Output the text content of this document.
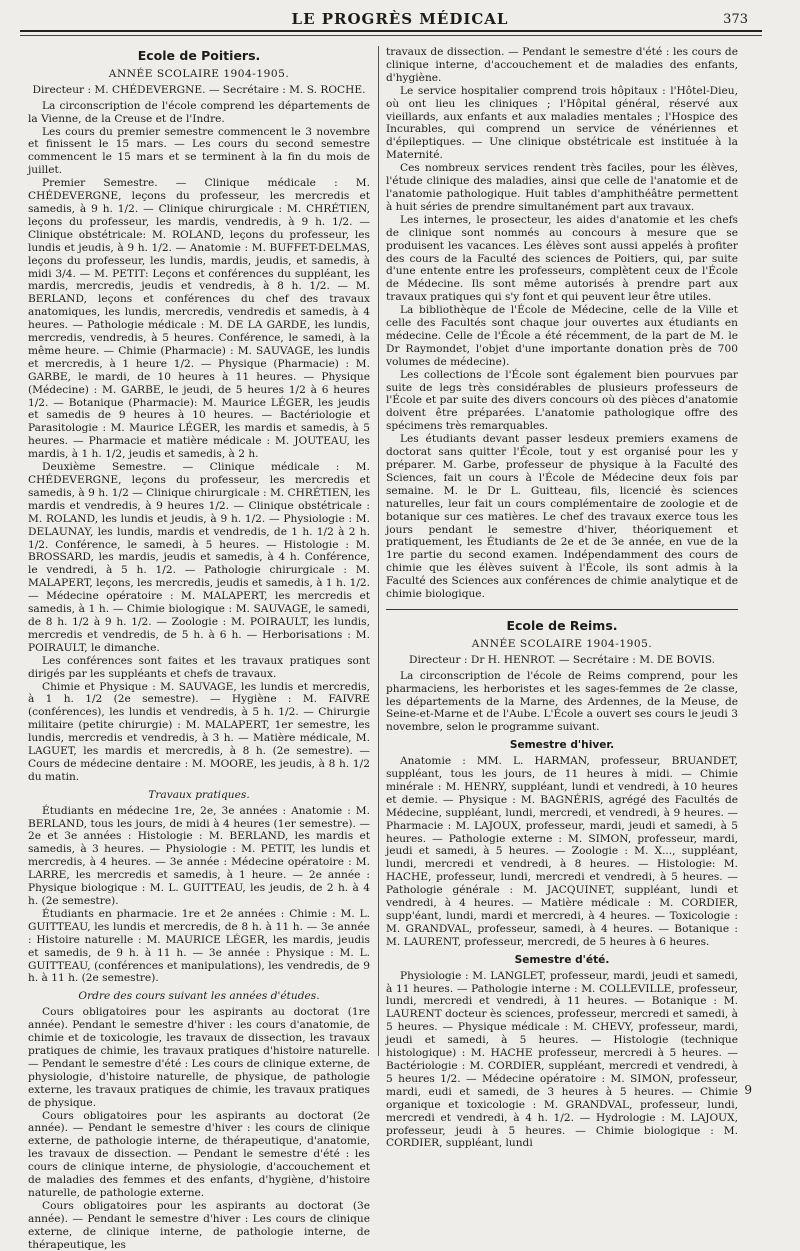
LE PROGRÈS MÉDICAL	373
Ecole de Poitiers.
ANNÉE SCOLAIRE 1904-1905.
Directeur : M. CHÉDEVERGNE. — Secrétaire : M. S. ROCHE.

La circonscription de l'école comprend les départements de la Vienne, de la Creuse et de l'Indre.

Les cours du premier semestre commencent le 3 novembre et finissent le 15 mars. — Les cours du second semestre commencent le 15 mars et se terminent à la fin du mois de juillet.

Premier Semestre. — Clinique médicale : M. CHÉDEVERGNE, leçons du professeur, les mercredis et samedis, à 9 h. 1/2. — Clinique chirurgicale : M. CHRÉTIEN, leçons du professeur, les mardis, vendredis, à 9 h. 1/2. — Clinique obstétricale: M. ROLAND, leçons du professeur, les lundis et jeudis, à 9 h. 1/2. — Anatomie : M. BUFFET-DELMAS, leçons du professeur, les lundis, mardis, jeudis, et samedis, à midi 3/4. — M. PETIT: Leçons et conférences du suppléant, les mardis, mercredis, jeudis et vendredis, à 8 h. 1/2. — M. BERLAND, leçons et conférences du chef des travaux anatomiques, les lundis, mercredis, vendredis et samedis, à 4 heures. — Pathologie médicale : M. DE LA GARDE, les lundis, mercredis, vendredis, à 5 heures. Conférence, le samedi, à la même heure. — Chimie (Pharmacie) : M. SAUVAGE, les lundis et mercredis, à 1 heure 1/2. — Physique (Pharmacie) : M. GARBE, le mardi, de 10 heures à 11 heures. — Physique (Médecine) : M. GARBE, le jeudi, de 5 heures 1/2 à 6 heures 1/2. — Botanique (Pharmacie): M. Maurice LÉGER, les jeudis et samedis de 9 heures à 10 heures. — Bactériologie et Parasitologie : M. Maurice LÉGER, les mardis et samedis, à 5 heures. — Pharmacie et matière médicale : M. JOUTEAU, les mardis, à 1 h. 1/2, jeudis et samedis, à 2 h.

Deuxième Semestre. — Clinique médicale : M. CHÉDEVERGNE, leçons du professeur, les mercredis et samedis, à 9 h. 1/2 — Clinique chirurgicale : M. CHRÉTIEN, les mardis et vendredis, à 9 heures 1/2. — Clinique obstétricale : M. ROLAND, les lundis et jeudis, à 9 h. 1/2. — Physiologie : M. DELAUNAY, les lundis, mardis et vendredis, de 1 h. 1/2 à 2 h. 1/2. Conférence, le samedi, à 5 heures. — Histologie : M. BROSSARD, les mardis, jeudis et samedis, à 4 h. Conférence, le vendredi, à 5 h. 1/2. — Pathologie chirurgicale : M. MALAPERT, leçons, les mercredis, jeudis et samedis, à 1 h. 1/2. — Médecine opératoire : M. MALAPERT, les mercredis et samedis, à 1 h. — Chimie biologique : M. SAUVAGE, le samedi, de 8 h. 1/2 à 9 h. 1/2. — Zoologie : M. POIRAULT, les lundis, mercredis et vendredis, de 5 h. à 6 h. — Herborisations : M. POIRAULT, le dimanche.

Les conférences sont faites et les travaux pratiques sont dirigés par les suppléants et chefs de travaux.

Chimie et Physique : M. SAUVAGE, les lundis et mercredis, à 1 h. 1/2 (2e semestre). — Hygiène : M. FAIVRE (conférences), les lundis et vendredis, à 5 h. 1/2. — Chirurgie militaire (petite chirurgie) : M. MALAPERT, 1er semestre, les lundis, mercredis et vendredis, à 3 h. — Matière médicale, M. LAGUET, les mardis et mercredis, à 8 h. (2e semestre). — Cours de médecine dentaire : M. MOORE, les jeudis, à 8 h. 1/2 du matin.

Travaux pratiques.

Étudiants en médecine 1re, 2e, 3e années : Anatomie : M. BERLAND, tous les jours, de midi à 4 heures (1er semestre). — 2e et 3e années : Histologie : M. BERLAND, les mardis et samedis, à 3 heures. — Physiologie : M. PETIT, les lundis et mercredis, à 4 heures. — 3e année : Médecine opératoire : M. LARRE, les mercredis et samedis, à 1 heure. — 2e année : Physique biologique : M. L. GUITTEAU, les jeudis, de 2 h. à 4 h. (2e semestre).

Étudiants en pharmacie. 1re et 2e années : Chimie : M. L. GUITTEAU, les lundis et mercredis, de 8 h. à 11 h. — 3e année : Histoire naturelle : M. MAURICE LÉGER, les mardis, jeudis et samedis, de 9 h. à 11 h. — 3e année : Physique : M. L. GUITTEAU, (conférences et manipulations), les vendredis, de 9 h. à 11 h. (2e semestre).

Ordre des cours suivant les années d'études.

Cours obligatoires pour les aspirants au doctorat (1re année). Pendant le semestre d'hiver : les cours d'anatomie, de chimie et de toxicologie, les travaux de dissection, les travaux pratiques de chimie, les travaux pratiques d'histoire naturelle. — Pendant le semestre d'été : Les cours de clinique externe, de physiologie, d'histoire naturelle, de physique, de pathologie externe, les travaux pratiques de chimie, les travaux pratiques de physique.

Cours obligatoires pour les aspirants au doctorat (2e année). — Pendant le semestre d'hiver : les cours de clinique externe, de pathologie interne, de thérapeutique, d'anatomie, les travaux de dissection. — Pendant le semestre d'été : les cours de clinique interne, de physiologie, d'accouchement et de maladies des femmes et des enfants, d'hygiène, d'histoire naturelle, de pathologie externe.

Cours obligatoires pour les aspirants au doctorat (3e année). — Pendant le semestre d'hiver : Les cours de clinique externe, de clinique interne, de pathologie interne, de thérapeutique, les

travaux de dissection. — Pendant le semestre d'été : les cours de clinique interne, d'accouchement et de maladies des enfants, d'hygiène.

Le service hospitalier comprend trois hôpitaux : l'Hôtel-Dieu, où ont lieu les cliniques ; l'Hôpital général, réservé aux vieillards, aux enfants et aux maladies mentales ; l'Hospice des Incurables, qui comprend un service de vénériennes et d'épileptiques. — Une clinique obstétricale est instituée à la Maternité.

Ces nombreux services rendent très faciles, pour les élèves, l'étude clinique des maladies, ainsi que celle de l'anatomie et de l'anatomie pathologique. Huit tables d'amphithéâtre permettent à huit séries de prendre simultanément part aux travaux.

Les internes, le prosecteur, les aides d'anatomie et les chefs de clinique sont nommés au concours à mesure que se produisent les vacances. Les élèves sont aussi appelés à profiter des cours de la Faculté des sciences de Poitiers, qui, par suite d'une entente entre les professeurs, complètent ceux de l'École de Médecine. Ils sont même autorisés à prendre part aux travaux pratiques qui s'y font et qui peuvent leur être utiles.

La bibliothèque de l'École de Médecine, celle de la Ville et celle des Facultés sont chaque jour ouvertes aux étudiants en médecine. Celle de l'École a été récemment, de la part de M. le Dr Raymondet, l'objet d'une importante donation près de 700 volumes de médecine).

Les collections de l'École sont également bien pourvues par suite de legs très considérables de plusieurs professeurs de l'École et par suite des divers concours où des pièces d'anatomie doivent être préparées. L'anatomie pathologique offre des spécimens très remarquables.

Les étudiants devant passer lesdeux premiers examens de doctorat sans quitter l'École, tout y est organisé pour les y préparer. M. Garbe, professeur de physique à la Faculté des Sciences, fait un cours à l'École de Médecine deux fois par semaine. M. le Dr L. Guitteau, fils, licencié ès sciences naturelles, leur fait un cours complémentaire de zoologie et de botanique sur ces matières. Le chef des travaux exerce tous les jours pendant le semestre d'hiver, théoriquement et pratiquement, les Étudiants de 2e et de 3e année, en vue de la 1re partie du second examen. Indépendamment des cours de chimie que les élèves suivent à l'École, ils sont admis à la Faculté des Sciences aux conférences de chimie analytique et de chimie biologique.

Ecole de Reims.
ANNÉE SCOLAIRE 1904-1905.
Directeur : Dr H. HENROT. — Secrétaire : M. DE BOVIS.

La circonscription de l'école de Reims comprend, pour les pharmaciens, les herboristes et les sages-femmes de 2e classe, les départements de la Marne, des Ardennes, de la Meuse, de Seine-et-Marne et de l'Aube. L'École a ouvert ses cours le jeudi 3 novembre, selon le programme suivant.

Semestre d'hiver.

Anatomie : MM. L. HARMAN, professeur, BRUANDET, suppléant, tous les jours, de 11 heures à midi. — Chimie minérale : M. HENRY, suppléant, lundi et vendredi, à 10 heures et demie. — Physique : M. BAGNÉRIS, agrégé des Facultés de Médecine, suppléant, lundi, mercredi, et vendredi, à 9 heures. — Pharmacie : M. LAJOUX, professeur, mardi, jeudi et samedi, à 5 heures. — Pathologie externe : M. SIMON, professeur, mardi, jeudi et samedi, à 5 heures. — Zoologie : M. X..., suppléant, lundi, mercredi et vendredi, à 8 heures. — Histologie: M. HACHE, professeur, lundi, mercredi et vendredi, à 5 heures. — Pathologie générale : M. JACQUINET, suppléant, lundi et vendredi, à 4 heures. — Matière médicale : M. CORDIER, supp'éant, lundi, mardi et mercredi, à 4 heures. — Toxicologie : M. GRANDVAL, professeur, samedi, à 4 heures. — Botanique : M. LAURENT, professeur, mercredi, de 5 heures à 6 heures.

Semestre d'été.

Physiologie : M. LANGLET, professeur, mardi, jeudi et samedi, à 11 heures. — Pathologie interne : M. COLLEVILLE, professeur, lundi, mercredi et vendredi, à 11 heures. — Botanique : M. LAURENT docteur ès sciences, professeur, mercredi et samedi, à 5 heures. — Physique médicale : M. CHEVY, professeur, mardi, jeudi et samedi, à 5 heures. — Histologie (technique histologique) : M. HACHE professeur, mercredi à 5 heures. — Bactériologie : M. CORDIER, suppléant, mercredi et vendredi, à 5 heures 1/2. — Médecine opératoire : M. SIMON, professeur, mardi, eudi et samedi, de 3 heures à 5 heures. — Chimie organique et toxicologie : M. GRANDVAL, professeur, lundi, mercredi et vendredi, à 4 h. 1/2. — Hydrologie : M. LAJOUX, professeur, jeudi à 5 heures. — Chimie biologique : M. CORDIER, suppléant, lundi

9
